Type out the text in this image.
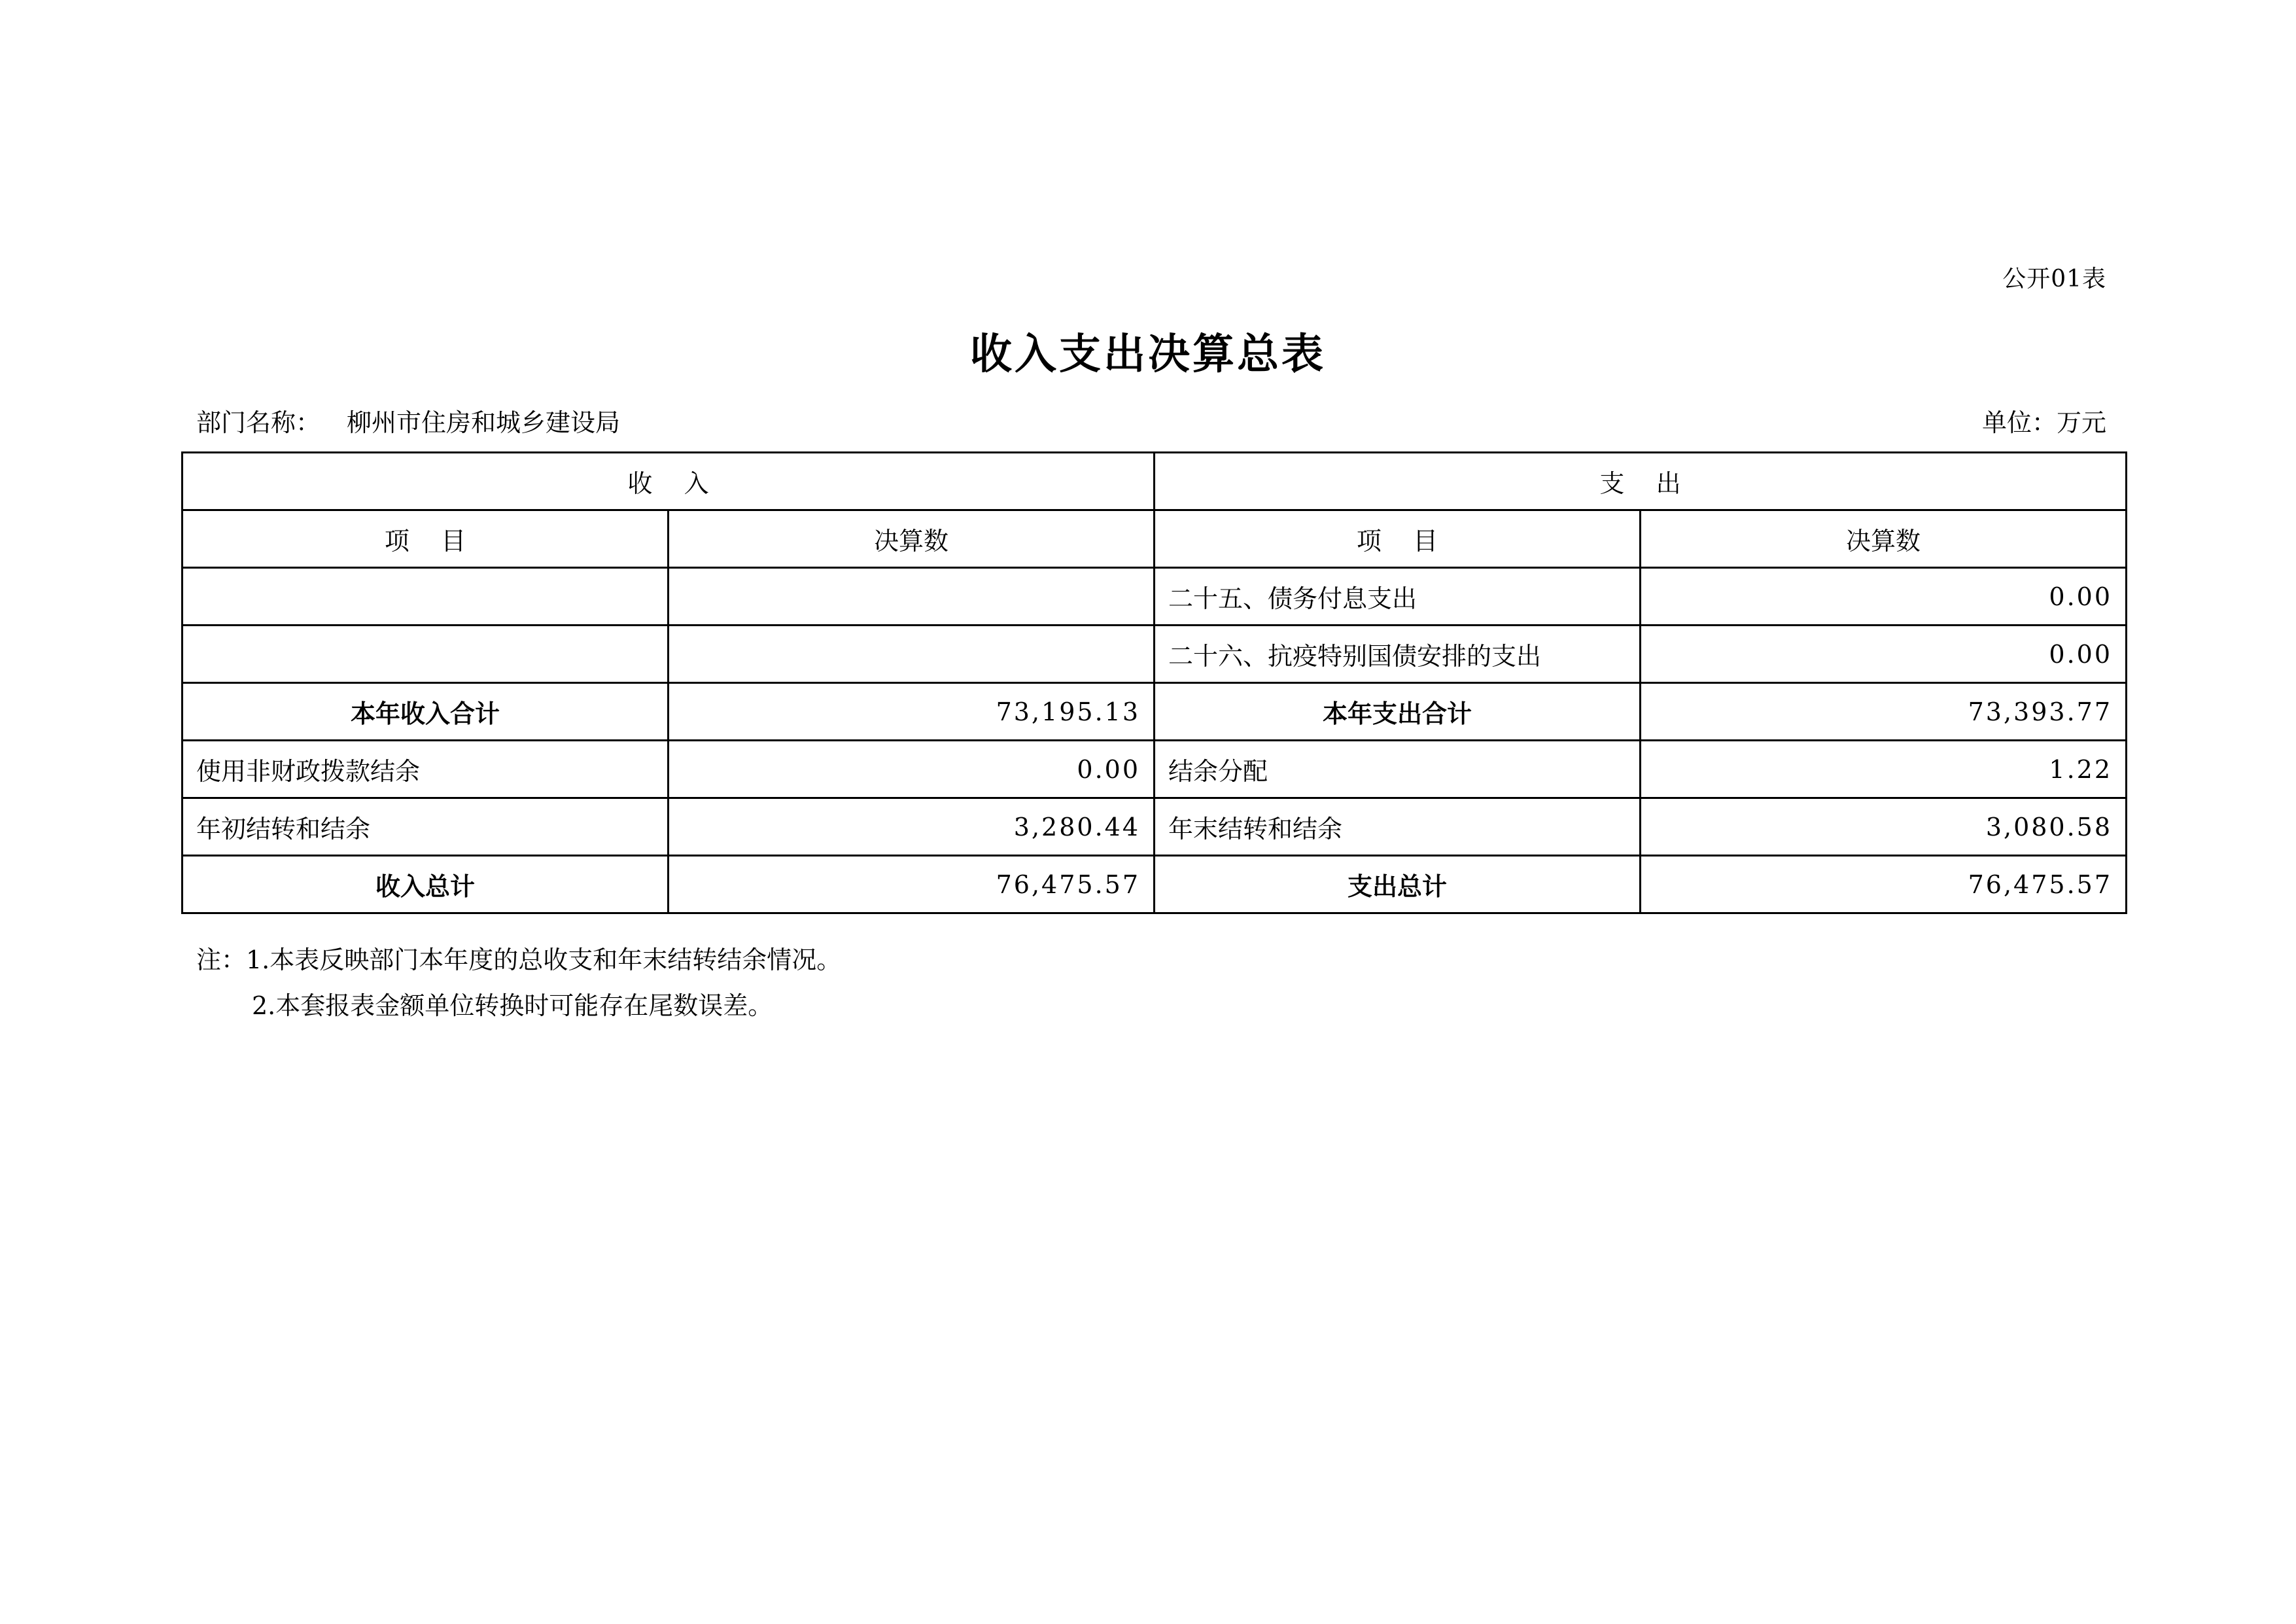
公开01表
收入支出决算总表
部门名称： 柳州市住房和城乡建设局	单位：万元
收    入		支    出	
项    目	决算数	项    目	决算数
		二十五、债务付息支出	0.00
		二十六、抗疫特别国债安排的支出	0.00
本年收入合计	73,195.13	本年支出合计	73,393.77
使用非财政拨款结余	0.00	结余分配	1.22
年初结转和结余	3,280.44	年末结转和结余	3,080.58
收入总计	76,475.57	支出总计	76,475.57
注：1.本表反映部门本年度的总收支和年末结转结余情况。
2.本套报表金额单位转换时可能存在尾数误差。
